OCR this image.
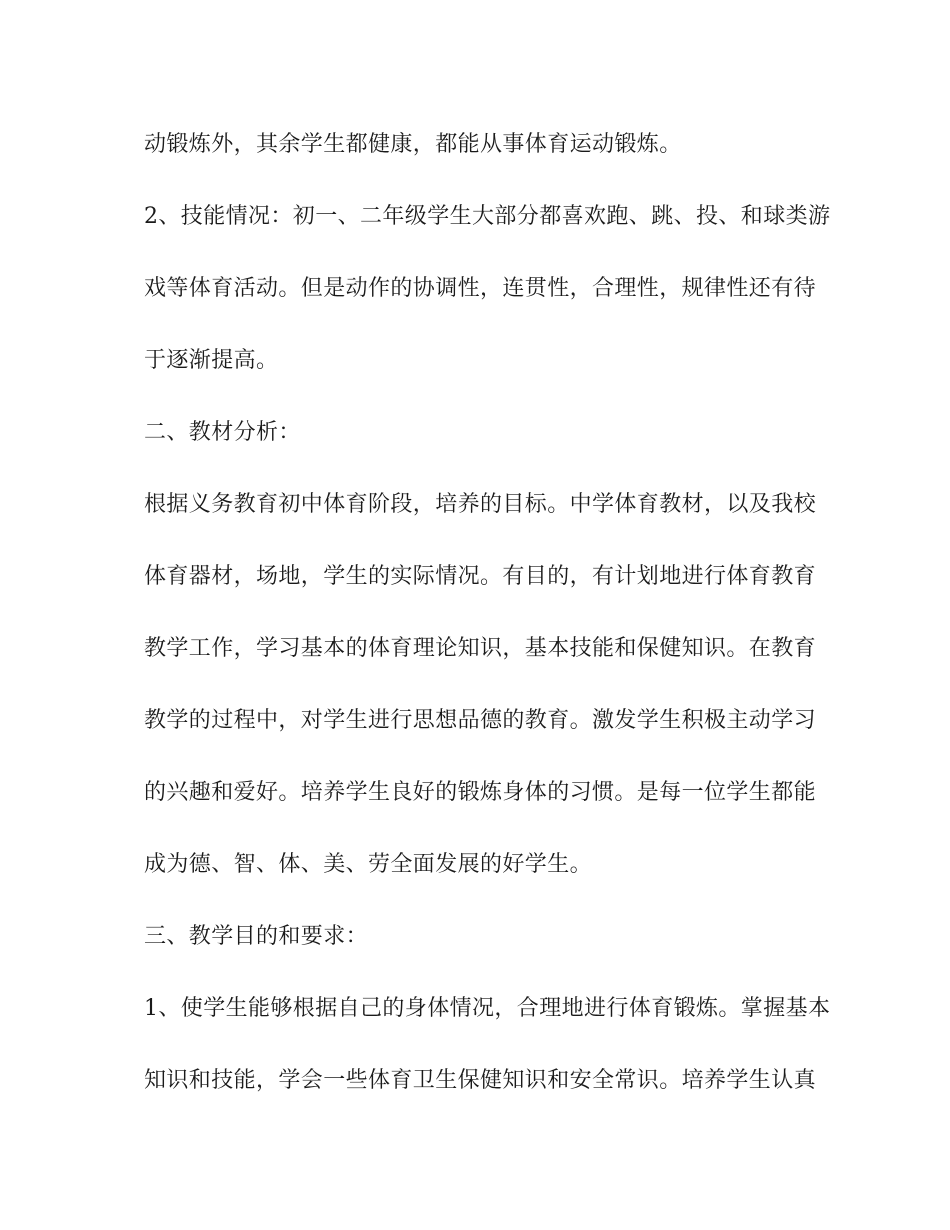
动锻炼外，其余学生都健康，都能从事体育运动锻炼。

2、技能情况：初一、二年级学生大部分都喜欢跑、跳、投、和球类游

戏等体育活动。但是动作的协调性，连贯性，合理性，规律性还有待

于逐渐提高。

二、教材分析：

根据义务教育初中体育阶段，培养的目标。中学体育教材，以及我校

体育器材，场地，学生的实际情况。有目的，有计划地进行体育教育

教学工作，学习基本的体育理论知识，基本技能和保健知识。在教育

教学的过程中，对学生进行思想品德的教育。激发学生积极主动学习

的兴趣和爱好。培养学生良好的锻炼身体的习惯。是每一位学生都能

成为德、智、体、美、劳全面发展的好学生。

三、教学目的和要求：

1、使学生能够根据自己的身体情况，合理地进行体育锻炼。掌握基本

知识和技能，学会一些体育卫生保健知识和安全常识。培养学生认真
